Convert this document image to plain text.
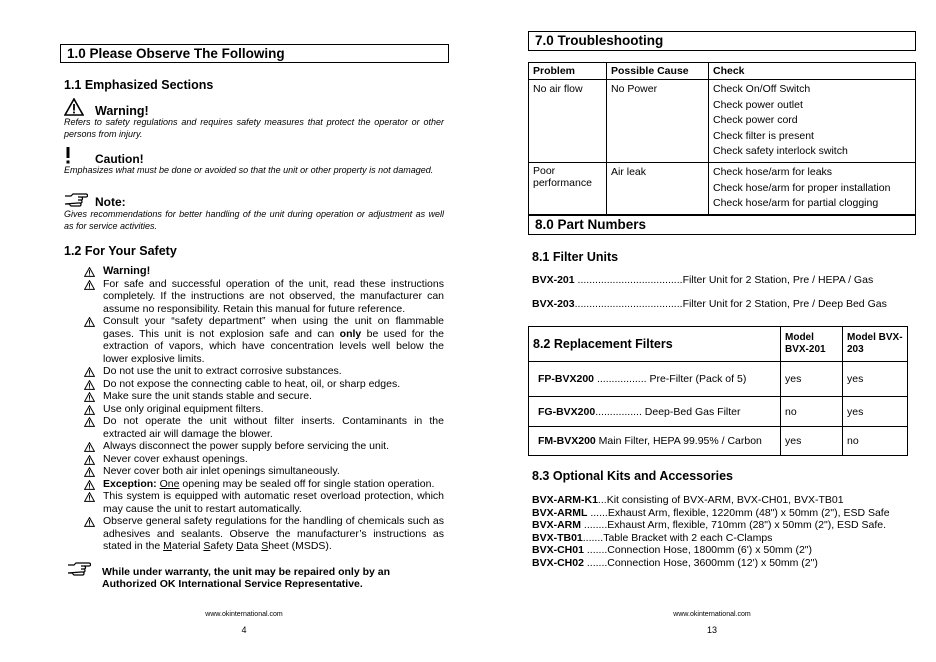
1.0 Please Observe The Following
1.1 Emphasized Sections
Warning!
Refers to safety regulations and requires safety measures that protect the operator or other persons from injury.
Caution!
Emphasizes what must be done or avoided so that the unit or other property is not damaged.
Note:
Gives recommendations for better handling of the unit during operation or adjustment as well as for service activities.
1.2 For Your Safety
Warning!
For safe and successful operation of the unit, read these instructions completely. If the instructions are not observed, the manufacturer can assume no responsibility. Retain this manual for future reference.
Consult your “safety department” when using the unit on flammable gases. This unit is not explosion safe and can only be used for the extraction of vapors, which have concentration levels well below the lower explosive limits.
Do not use the unit to extract corrosive substances.
Do not expose the connecting cable to heat, oil, or sharp edges.
Make sure the unit stands stable and secure.
Use only original equipment filters.
Do not operate the unit without filter inserts. Contaminants in the extracted air will damage the blower.
Always disconnect the power supply before servicing the unit.
Never cover exhaust openings.
Never cover both air inlet openings simultaneously.
Exception: One opening may be sealed off for single station operation.
This system is equipped with automatic reset overload protection, which may cause the unit to restart automatically.
Observe general safety regulations for the handling of chemicals such as adhesives and sealants. Observe the manufacturer’s instructions as stated in the Material Safety Data Sheet (MSDS).
While under warranty, the unit may be repaired only by an
Authorized OK International Service Representative.
www.okinternational.com
4
7.0 Troubleshooting
Problem	Possible Cause	Check
No air flow	No Power	Check On/Off Switch
Check power outlet
Check power cord
Check filter is present
Check safety interlock switch

Poor performance	Air leak	Check hose/arm for leaks
Check hose/arm for proper installation
Check hose/arm for partial clogging
8.0 Part Numbers
8.1 Filter Units
BVX-201 ....................................Filter Unit for 2 Station, Pre / HEPA / Gas
BVX-203.....................................Filter Unit for 2 Station, Pre / Deep Bed Gas
8.2 Replacement Filters	Model BVX-201	Model BVX-203
FP-BVX200 ................. Pre-Filter (Pack of 5)	yes	yes
FG-BVX200................ Deep-Bed Gas Filter	no	yes
FM-BVX200 Main Filter, HEPA 99.95% / Carbon	yes	no
8.3 Optional Kits and Accessories
BVX-ARM-K1...Kit consisting of BVX-ARM, BVX-CH01, BVX-TB01
BVX-ARML ......Exhaust Arm, flexible, 1220mm (48") x 50mm (2"), ESD Safe
BVX-ARM ........Exhaust Arm, flexible, 710mm (28") x 50mm (2"), ESD Safe.
BVX-TB01.......Table Bracket with 2 each C-Clamps
BVX-CH01 .......Connection Hose, 1800mm (6') x 50mm (2")
BVX-CH02 .......Connection Hose, 3600mm (12') x 50mm (2")
www.okinternational.com
13
